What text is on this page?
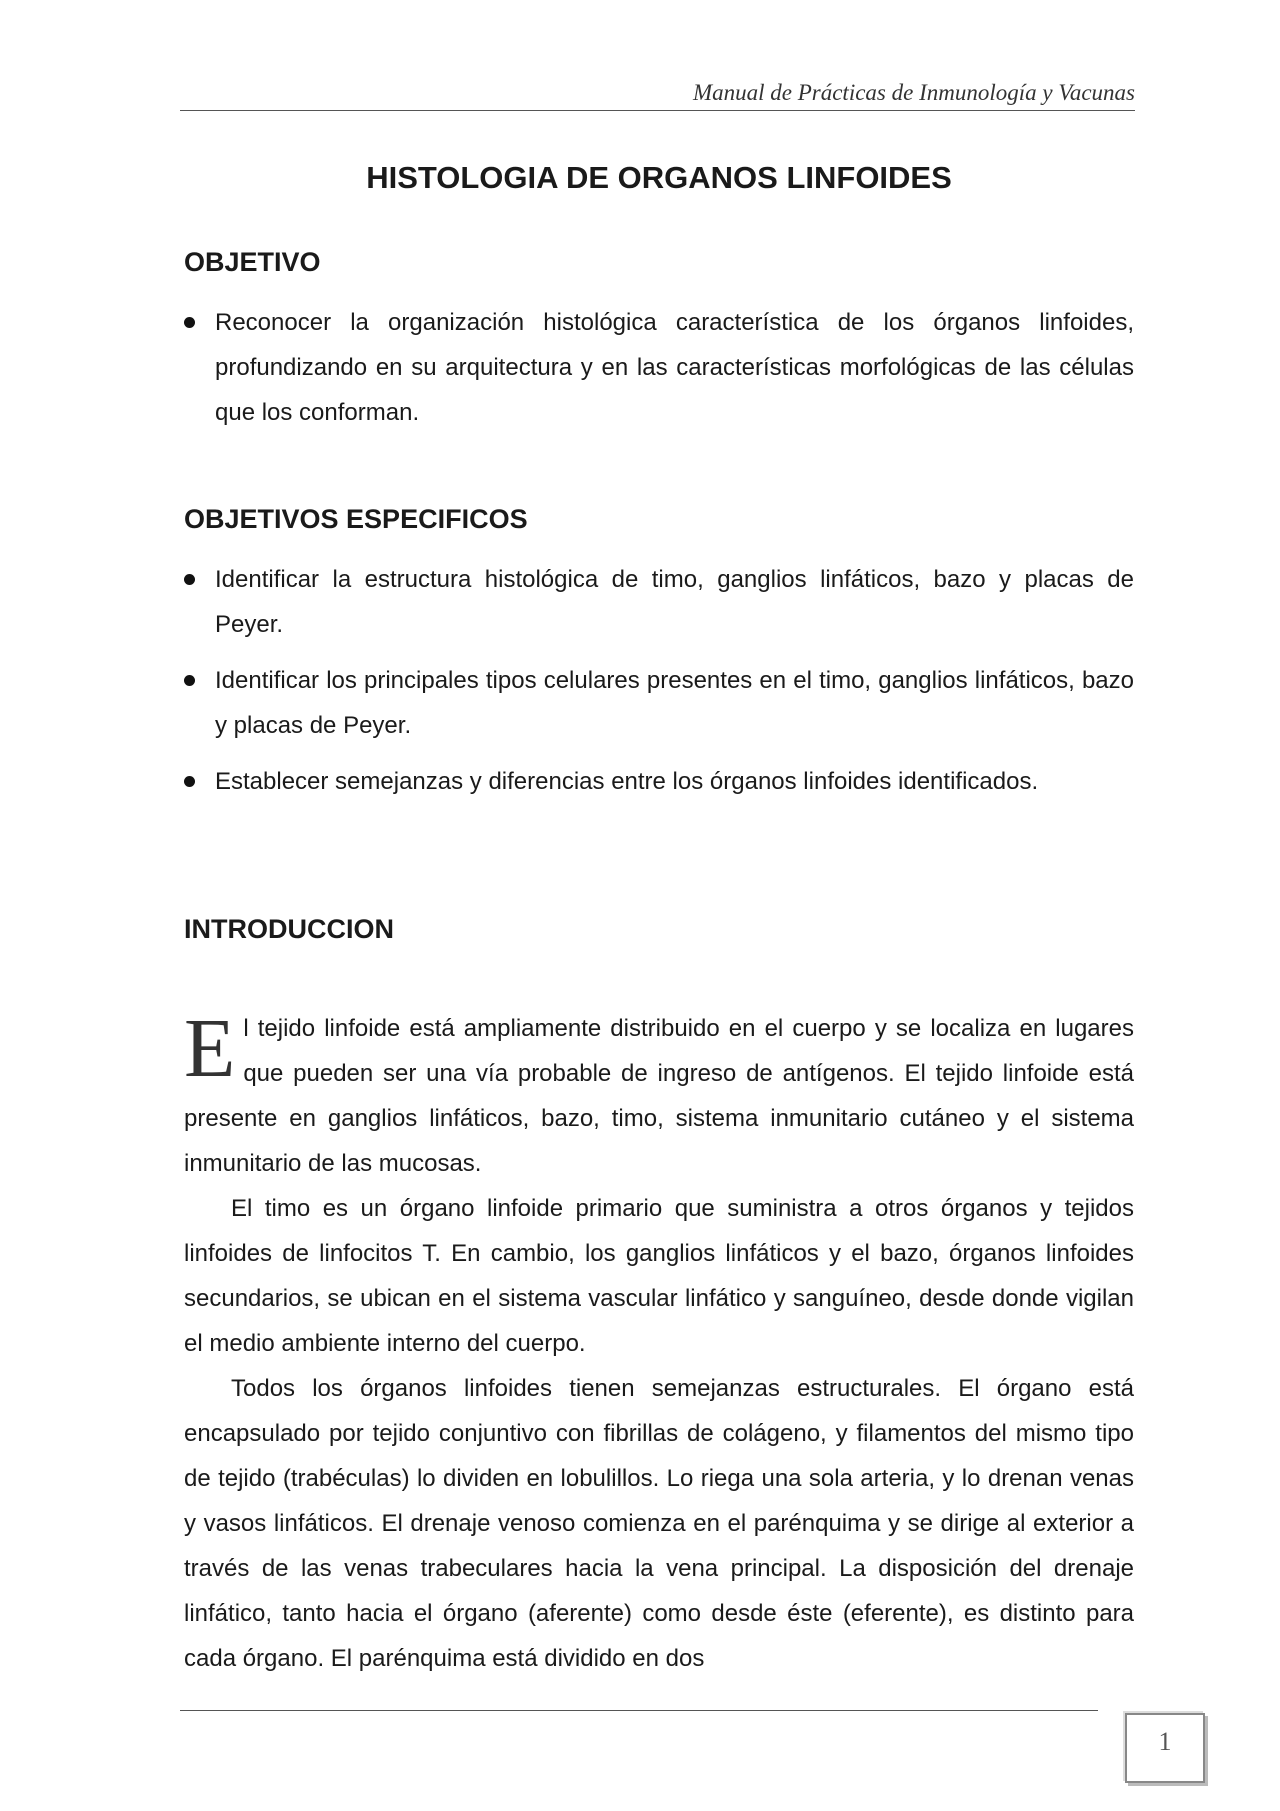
Manual de Prácticas de Inmunología y Vacunas
HISTOLOGIA DE ORGANOS LINFOIDES
OBJETIVO
Reconocer la organización histológica característica de los órganos linfoides, profundizando en su arquitectura y en las características morfológicas de las células que los conforman.
OBJETIVOS ESPECIFICOS
Identificar la estructura histológica de timo, ganglios linfáticos, bazo y placas de Peyer.
Identificar los principales tipos celulares presentes en el timo, ganglios linfáticos, bazo y placas de Peyer.
Establecer semejanzas y diferencias entre los órganos linfoides identificados.
INTRODUCCION

El tejido linfoide está ampliamente distribuido en el cuerpo y se localiza en lugares que pueden ser una vía probable de ingreso de antígenos. El tejido linfoide está presente en ganglios linfáticos, bazo, timo, sistema inmunitario cutáneo y el sistema inmunitario de las mucosas.

El timo es un órgano linfoide primario que suministra a otros órganos y tejidos linfoides de linfocitos T. En cambio, los ganglios linfáticos y el bazo, órganos linfoides secundarios, se ubican en el sistema vascular linfático y sanguíneo, desde donde vigilan el medio ambiente interno del cuerpo.

Todos los órganos linfoides tienen semejanzas estructurales. El órgano está encapsulado por tejido conjuntivo con fibrillas de colágeno, y filamentos del mismo tipo de tejido (trabéculas) lo dividen en lobulillos. Lo riega una sola arteria, y lo drenan venas y vasos linfáticos. El drenaje venoso comienza en el parénquima y se dirige al exterior a través de las venas trabeculares hacia la vena principal. La disposición del drenaje linfático, tanto hacia el órgano (aferente) como desde éste (eferente), es distinto para cada órgano. El parénquima está dividido en dos

1
